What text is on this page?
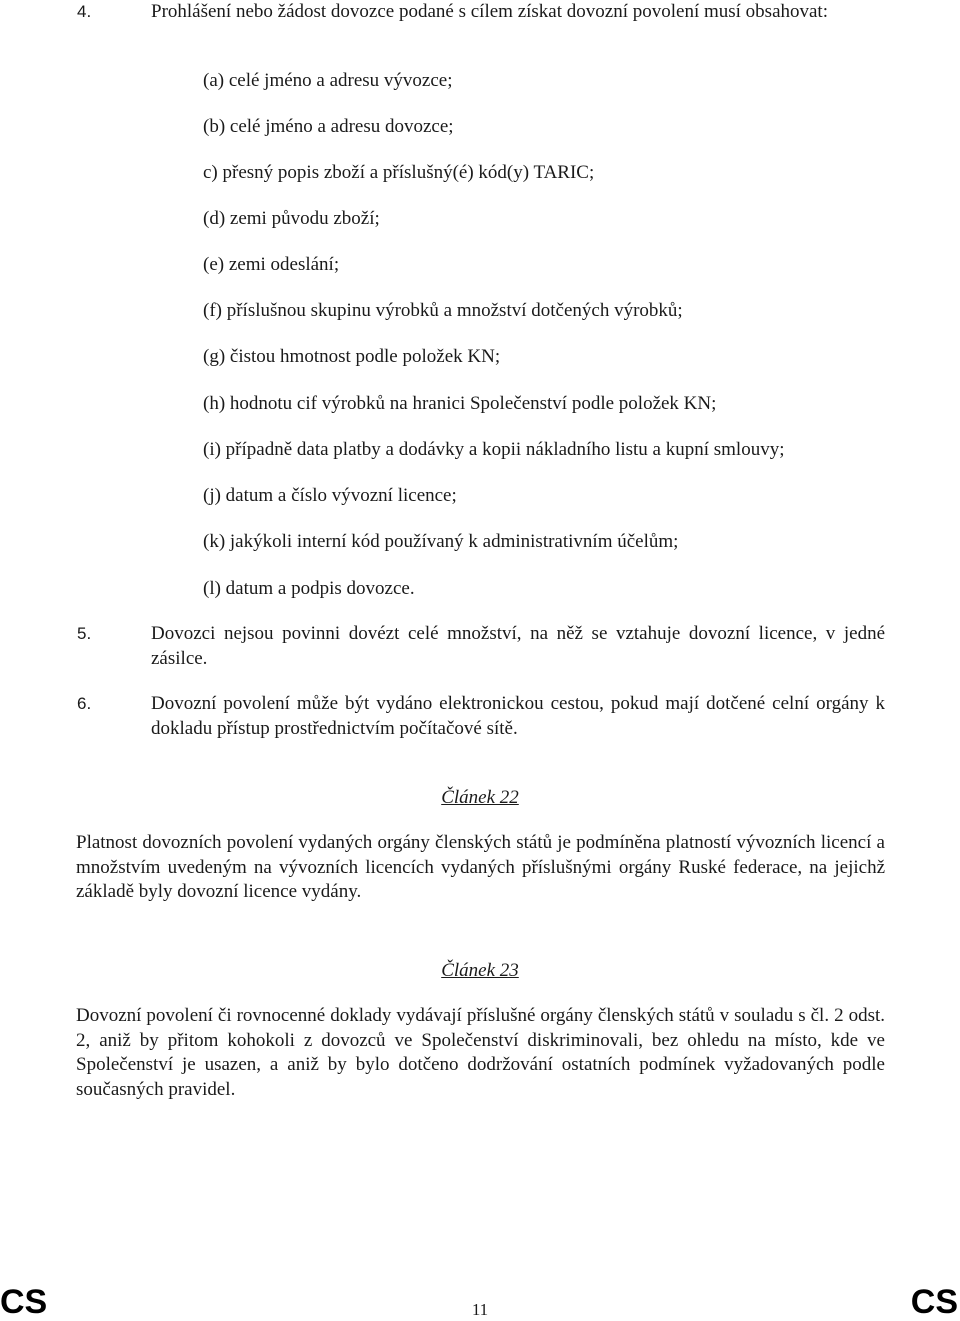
4.	Prohlášení nebo žádost dovozce podané s cílem získat dovozní povolení musí obsahovat:
(a) celé jméno a adresu vývozce;
(b) celé jméno a adresu dovozce;
c) přesný popis zboží a příslušný(é) kód(y) TARIC;
(d) zemi původu zboží;
(e) zemi odeslání;
(f) příslušnou skupinu výrobků a množství dotčených výrobků;
(g) čistou hmotnost podle položek KN;
(h) hodnotu cif výrobků na hranici Společenství podle položek KN;
(i) případně data platby a dodávky a kopii nákladního listu a kupní smlouvy;
(j) datum a číslo vývozní licence;
(k) jakýkoli interní kód používaný k administrativním účelům;
(l) datum a podpis dovozce.
5.	Dovozci nejsou povinni dovézt celé množství, na něž se vztahuje dovozní licence, v jedné zásilce.
6.	Dovozní povolení může být vydáno elektronickou cestou, pokud mají dotčené celní orgány k dokladu přístup prostřednictvím počítačové sítě.
Článek 22
Platnost dovozních povolení vydaných orgány členských států je podmíněna platností vývozních licencí a množstvím uvedeným na vývozních licencích vydaných příslušnými orgány Ruské federace, na jejichž základě byly dovozní licence vydány.
Článek 23
Dovozní povolení či rovnocenné doklady vydávají příslušné orgány členských států v souladu s čl. 2 odst. 2, aniž by přitom kohokoli z dovozců ve Společenství diskriminovali, bez ohledu na místo, kde ve Společenství je usazen, a aniž by bylo dotčeno dodržování ostatních podmínek vyžadovaných podle současných pravidel.
CS	11	CS
